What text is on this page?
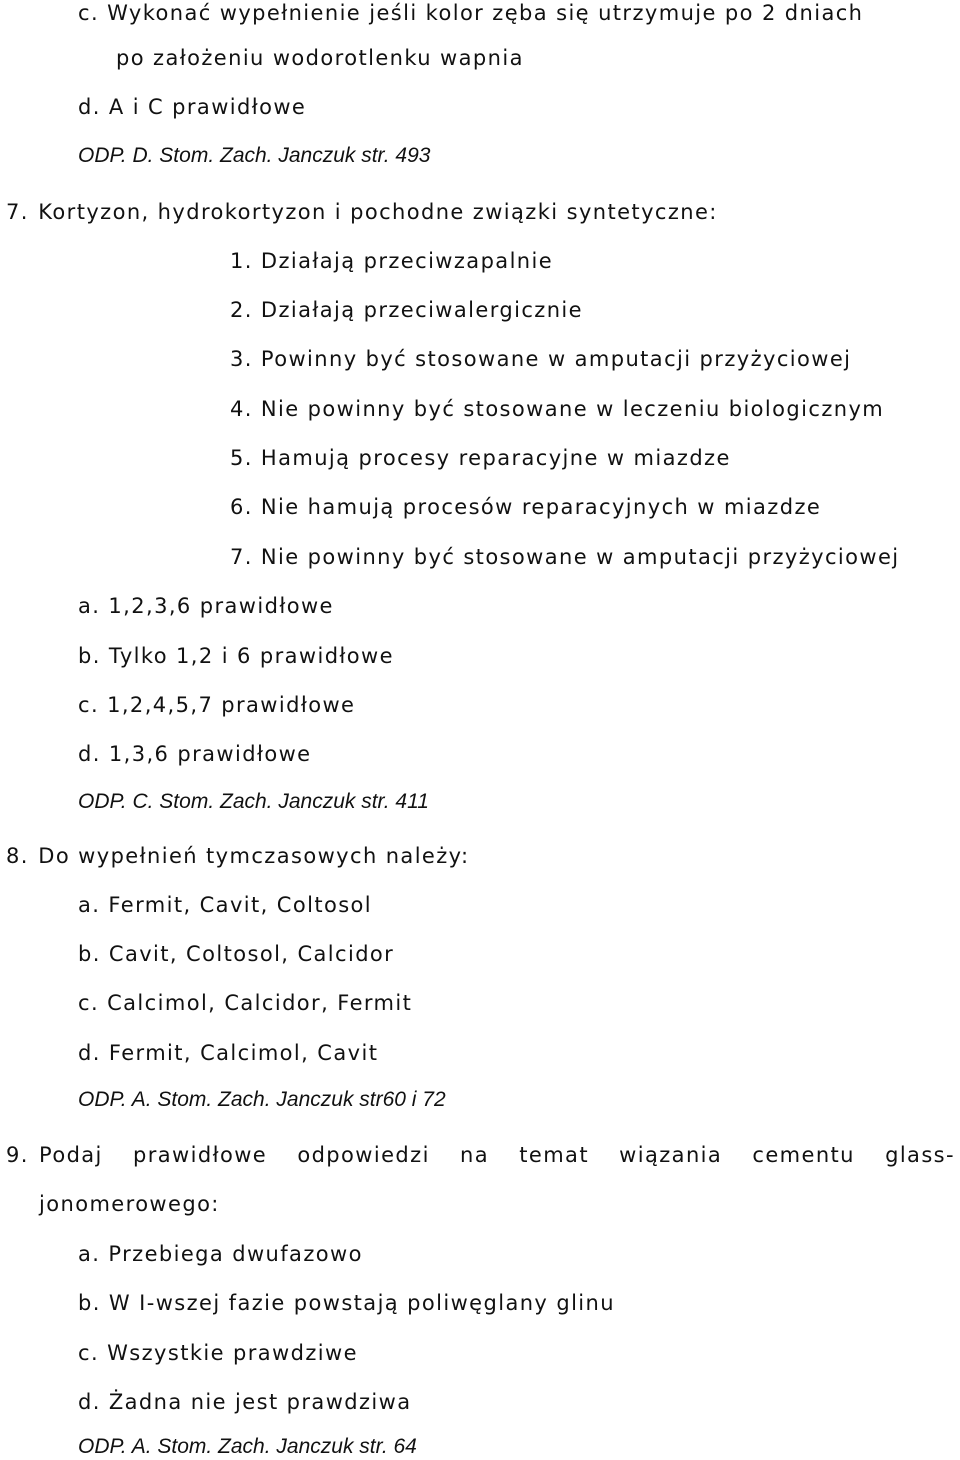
c. Wykonać wypełnienie jeśli kolor zęba się utrzymuje po 2 dniach
po założeniu wodorotlenku wapnia
d. A i C prawidłowe
ODP. D. Stom. Zach. Janczuk str. 493
7. Kortyzon, hydrokortyzon i pochodne związki syntetyczne:
1. Działają przeciwzapalnie
2. Działają przeciwalergicznie
3. Powinny być stosowane w amputacji przyżyciowej
4. Nie powinny być stosowane w leczeniu biologicznym
5. Hamują procesy reparacyjne w miazdze
6. Nie hamują procesów reparacyjnych w miazdze
7. Nie powinny być stosowane w amputacji przyżyciowej
a. 1,2,3,6 prawidłowe
b. Tylko 1,2 i 6 prawidłowe
c. 1,2,4,5,7 prawidłowe
d. 1,3,6 prawidłowe
ODP. C. Stom. Zach. Janczuk str. 411
8. Do wypełnień tymczasowych należy:
a. Fermit, Cavit, Coltosol
b. Cavit, Coltosol, Calcidor
c. Calcimol, Calcidor, Fermit
d. Fermit, Calcimol, Cavit
ODP. A. Stom. Zach. Janczuk str60 i 72
9. Podaj prawidłowe odpowiedzi na temat wiązania cementu glass-
jonomerowego:
a. Przebiega dwufazowo
b. W I-wszej fazie powstają poliwęglany glinu
c. Wszystkie prawdziwe
d. Żadna nie jest prawdziwa
ODP. A. Stom. Zach. Janczuk str. 64
